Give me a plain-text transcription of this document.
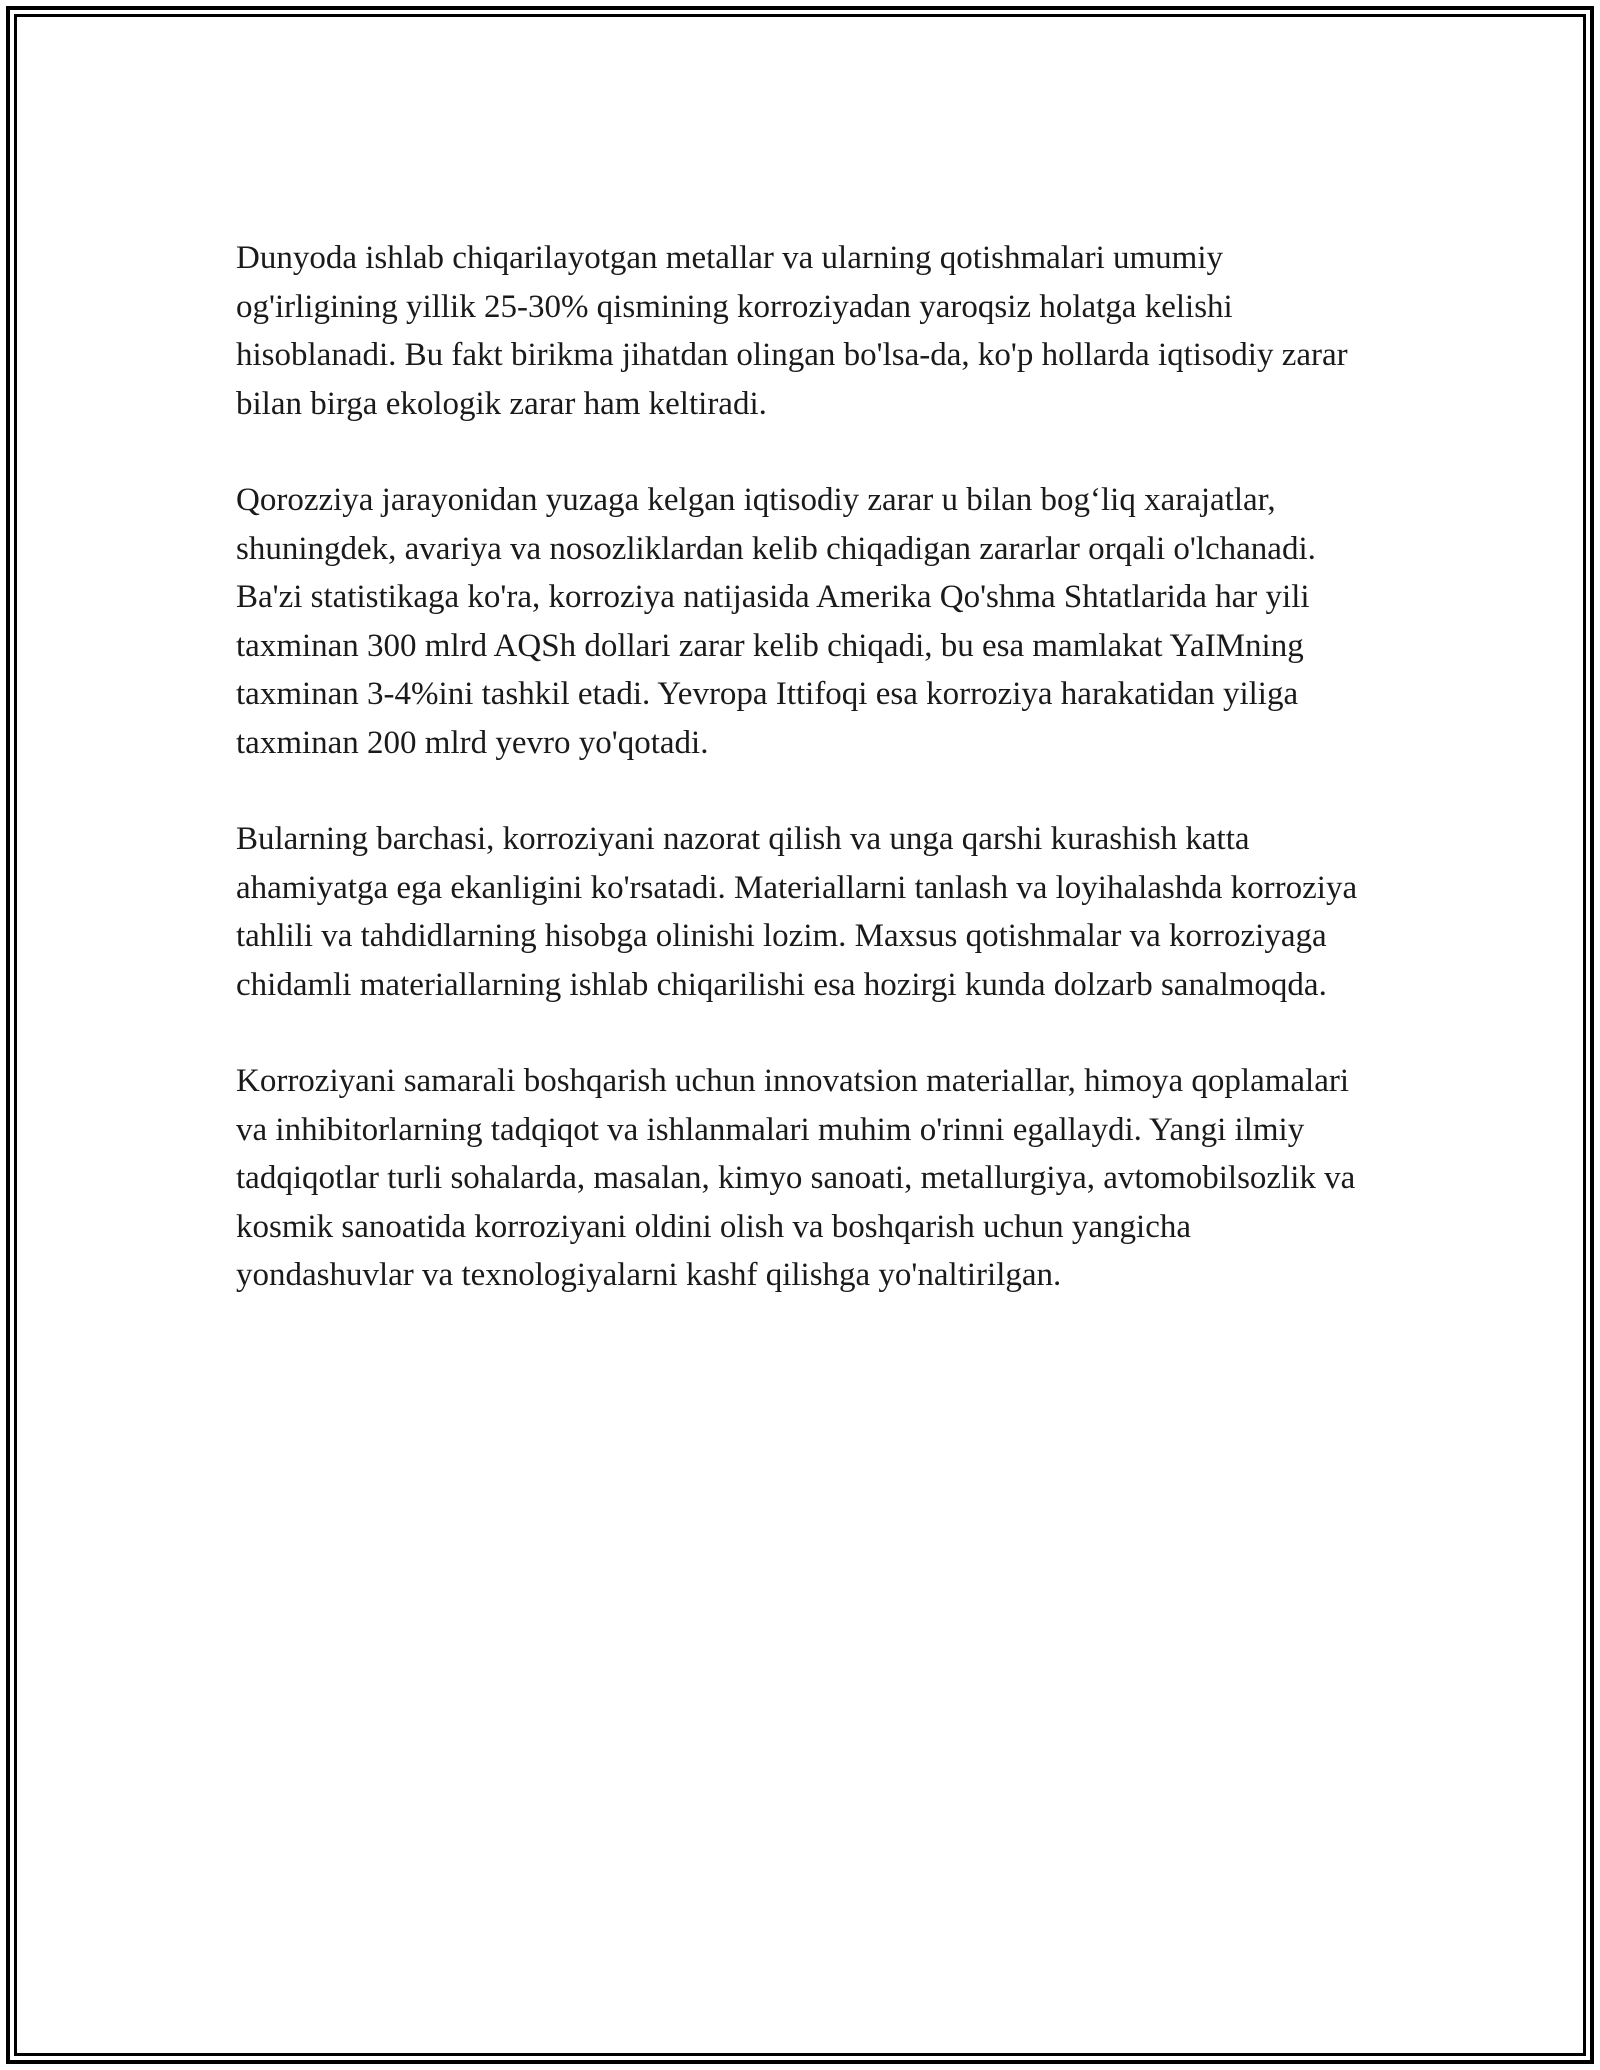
Dunyoda ishlab chiqarilayotgan metallar va ularning qotishmalari umumiy og'irligining yillik 25-30% qismining korroziyadan yaroqsiz holatga kelishi hisoblanadi. Bu fakt birikma jihatdan olingan bo'lsa-da, ko'p hollarda iqtisodiy zarar bilan birga ekologik zarar ham keltiradi.

Qorozziya jarayonidan yuzaga kelgan iqtisodiy zarar u bilan bog‘liq xarajatlar, shuningdek, avariya va nosozliklardan kelib chiqadigan zararlar orqali o'lchanadi. Ba'zi statistikaga ko'ra, korroziya natijasida Amerika Qo'shma Shtatlarida har yili taxminan 300 mlrd AQSh dollari zarar kelib chiqadi, bu esa mamlakat YaIMning taxminan 3-4%ini tashkil etadi. Yevropa Ittifoqi esa korroziya harakatidan yiliga taxminan 200 mlrd yevro yo'qotadi.

Bularning barchasi, korroziyani nazorat qilish va unga qarshi kurashish katta ahamiyatga ega ekanligini ko'rsatadi. Materiallarni tanlash va loyihalashda korroziya tahlili va tahdidlarning hisobga olinishi lozim. Maxsus qotishmalar va korroziyaga chidamli materiallarning ishlab chiqarilishi esa hozirgi kunda dolzarb sanalmoqda.

Korroziyani samarali boshqarish uchun innovatsion materiallar, himoya qoplamalari va inhibitorlarning tadqiqot va ishlanmalari muhim o'rinni egallaydi. Yangi ilmiy tadqiqotlar turli sohalarda, masalan, kimyo sanoati, metallurgiya, avtomobilsozlik va kosmik sanoatida korroziyani oldini olish va boshqarish uchun yangicha yondashuvlar va texnologiyalarni kashf qilishga yo'naltirilgan.
